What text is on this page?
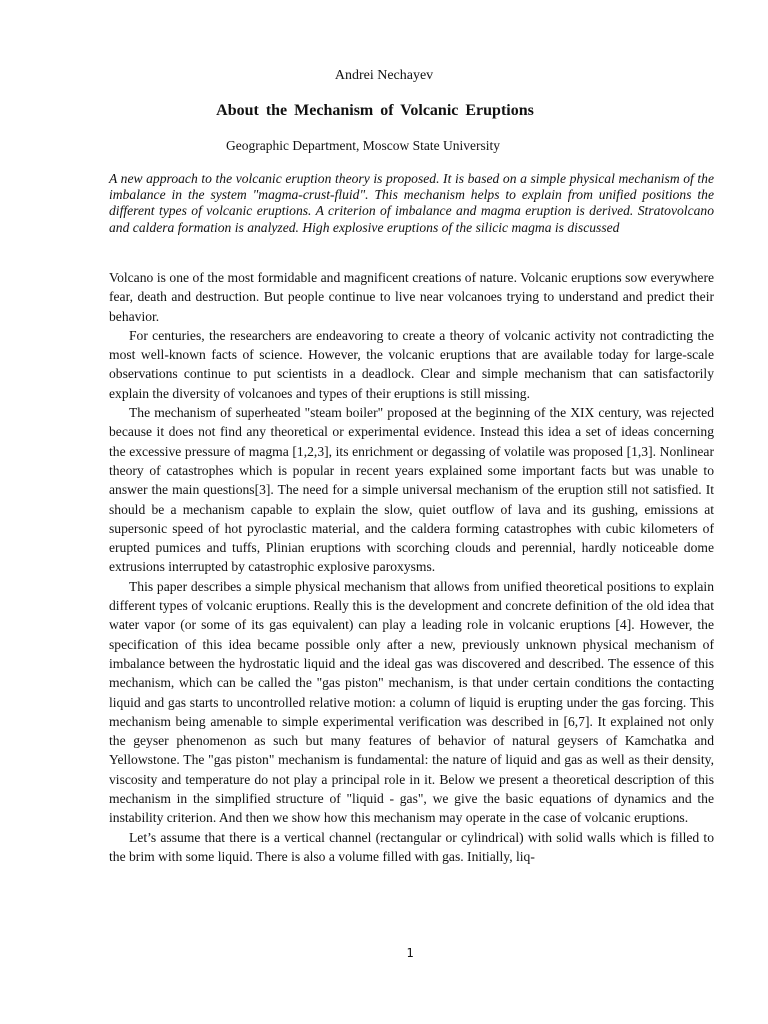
Andrei Nechayev
About the Mechanism of Volcanic Eruptions
Geographic Department, Moscow State University
A new approach to the volcanic eruption theory is proposed. It is based on a simple physical mechanism of the imbalance in the system "magma-crust-fluid". This mechanism helps to explain from unified positions the different types of volcanic eruptions. A criterion of imbalance and magma eruption is derived. Stratovolcano and caldera formation is analyzed. High explosive eruptions of the silicic magma is discussed

Volcano is one of the most formidable and magnificent creations of nature. Volcanic eruptions sow everywhere fear, death and destruction. But people continue to live near volcanoes trying to understand and predict their behavior.

For centuries, the researchers are endeavoring to create a theory of volcanic activity not contradicting the most well-known facts of science. However, the volcanic eruptions that are available today for large-scale observations continue to put scientists in a deadlock. Clear and simple mechanism that can satisfactorily explain the diversity of volcanoes and types of their eruptions is still missing.

The mechanism of superheated "steam boiler" proposed at the beginning of the XIX century, was rejected because it does not find any theoretical or experimental evidence. Instead this idea a set of ideas concerning the excessive pressure of magma [1,2,3], its enrichment or degassing of volatile was proposed [1,3]. Nonlinear theory of catastrophes which is popular in recent years explained some important facts but was unable to answer the main questions[3]. The need for a simple universal mechanism of the eruption still not satisfied. It should be a mechanism capable to explain the slow, quiet outflow of lava and its gushing, emissions at supersonic speed of hot pyroclastic material, and the caldera forming catastrophes with cubic kilometers of erupted pumices and tuffs, Plinian eruptions with scorching clouds and perennial, hardly noticeable dome extrusions interrupted by catastrophic explosive paroxysms.

This paper describes a simple physical mechanism that allows from unified theoretical positions to explain different types of volcanic eruptions. Really this is the development and concrete definition of the old idea that water vapor (or some of its gas equivalent) can play a leading role in volcanic eruptions [4]. However, the specification of this idea became possible only after a new, previously unknown physical mechanism of imbalance between the hydrostatic liquid and the ideal gas was discovered and described. The essence of this mechanism, which can be called the "gas piston" mechanism, is that under certain conditions the contacting liquid and gas starts to uncontrolled relative motion: a column of liquid is erupting under the gas forcing. This mechanism being amenable to simple experimental verification was described in [6,7]. It explained not only the geyser phenomenon as such but many features of behavior of natural geysers of Kamchatka and Yellowstone. The "gas piston" mechanism is fundamental: the nature of liquid and gas as well as their density, viscosity and temperature do not play a principal role in it. Below we present a theoretical description of this mechanism in the simplified structure of "liquid - gas", we give the basic equations of dynamics and the instability criterion. And then we show how this mechanism may operate in the case of volcanic eruptions.

Let’s assume that there is a vertical channel (rectangular or cylindrical) with solid walls which is filled to the brim with some liquid. There is also a volume filled with gas. Initially, liq-

1
